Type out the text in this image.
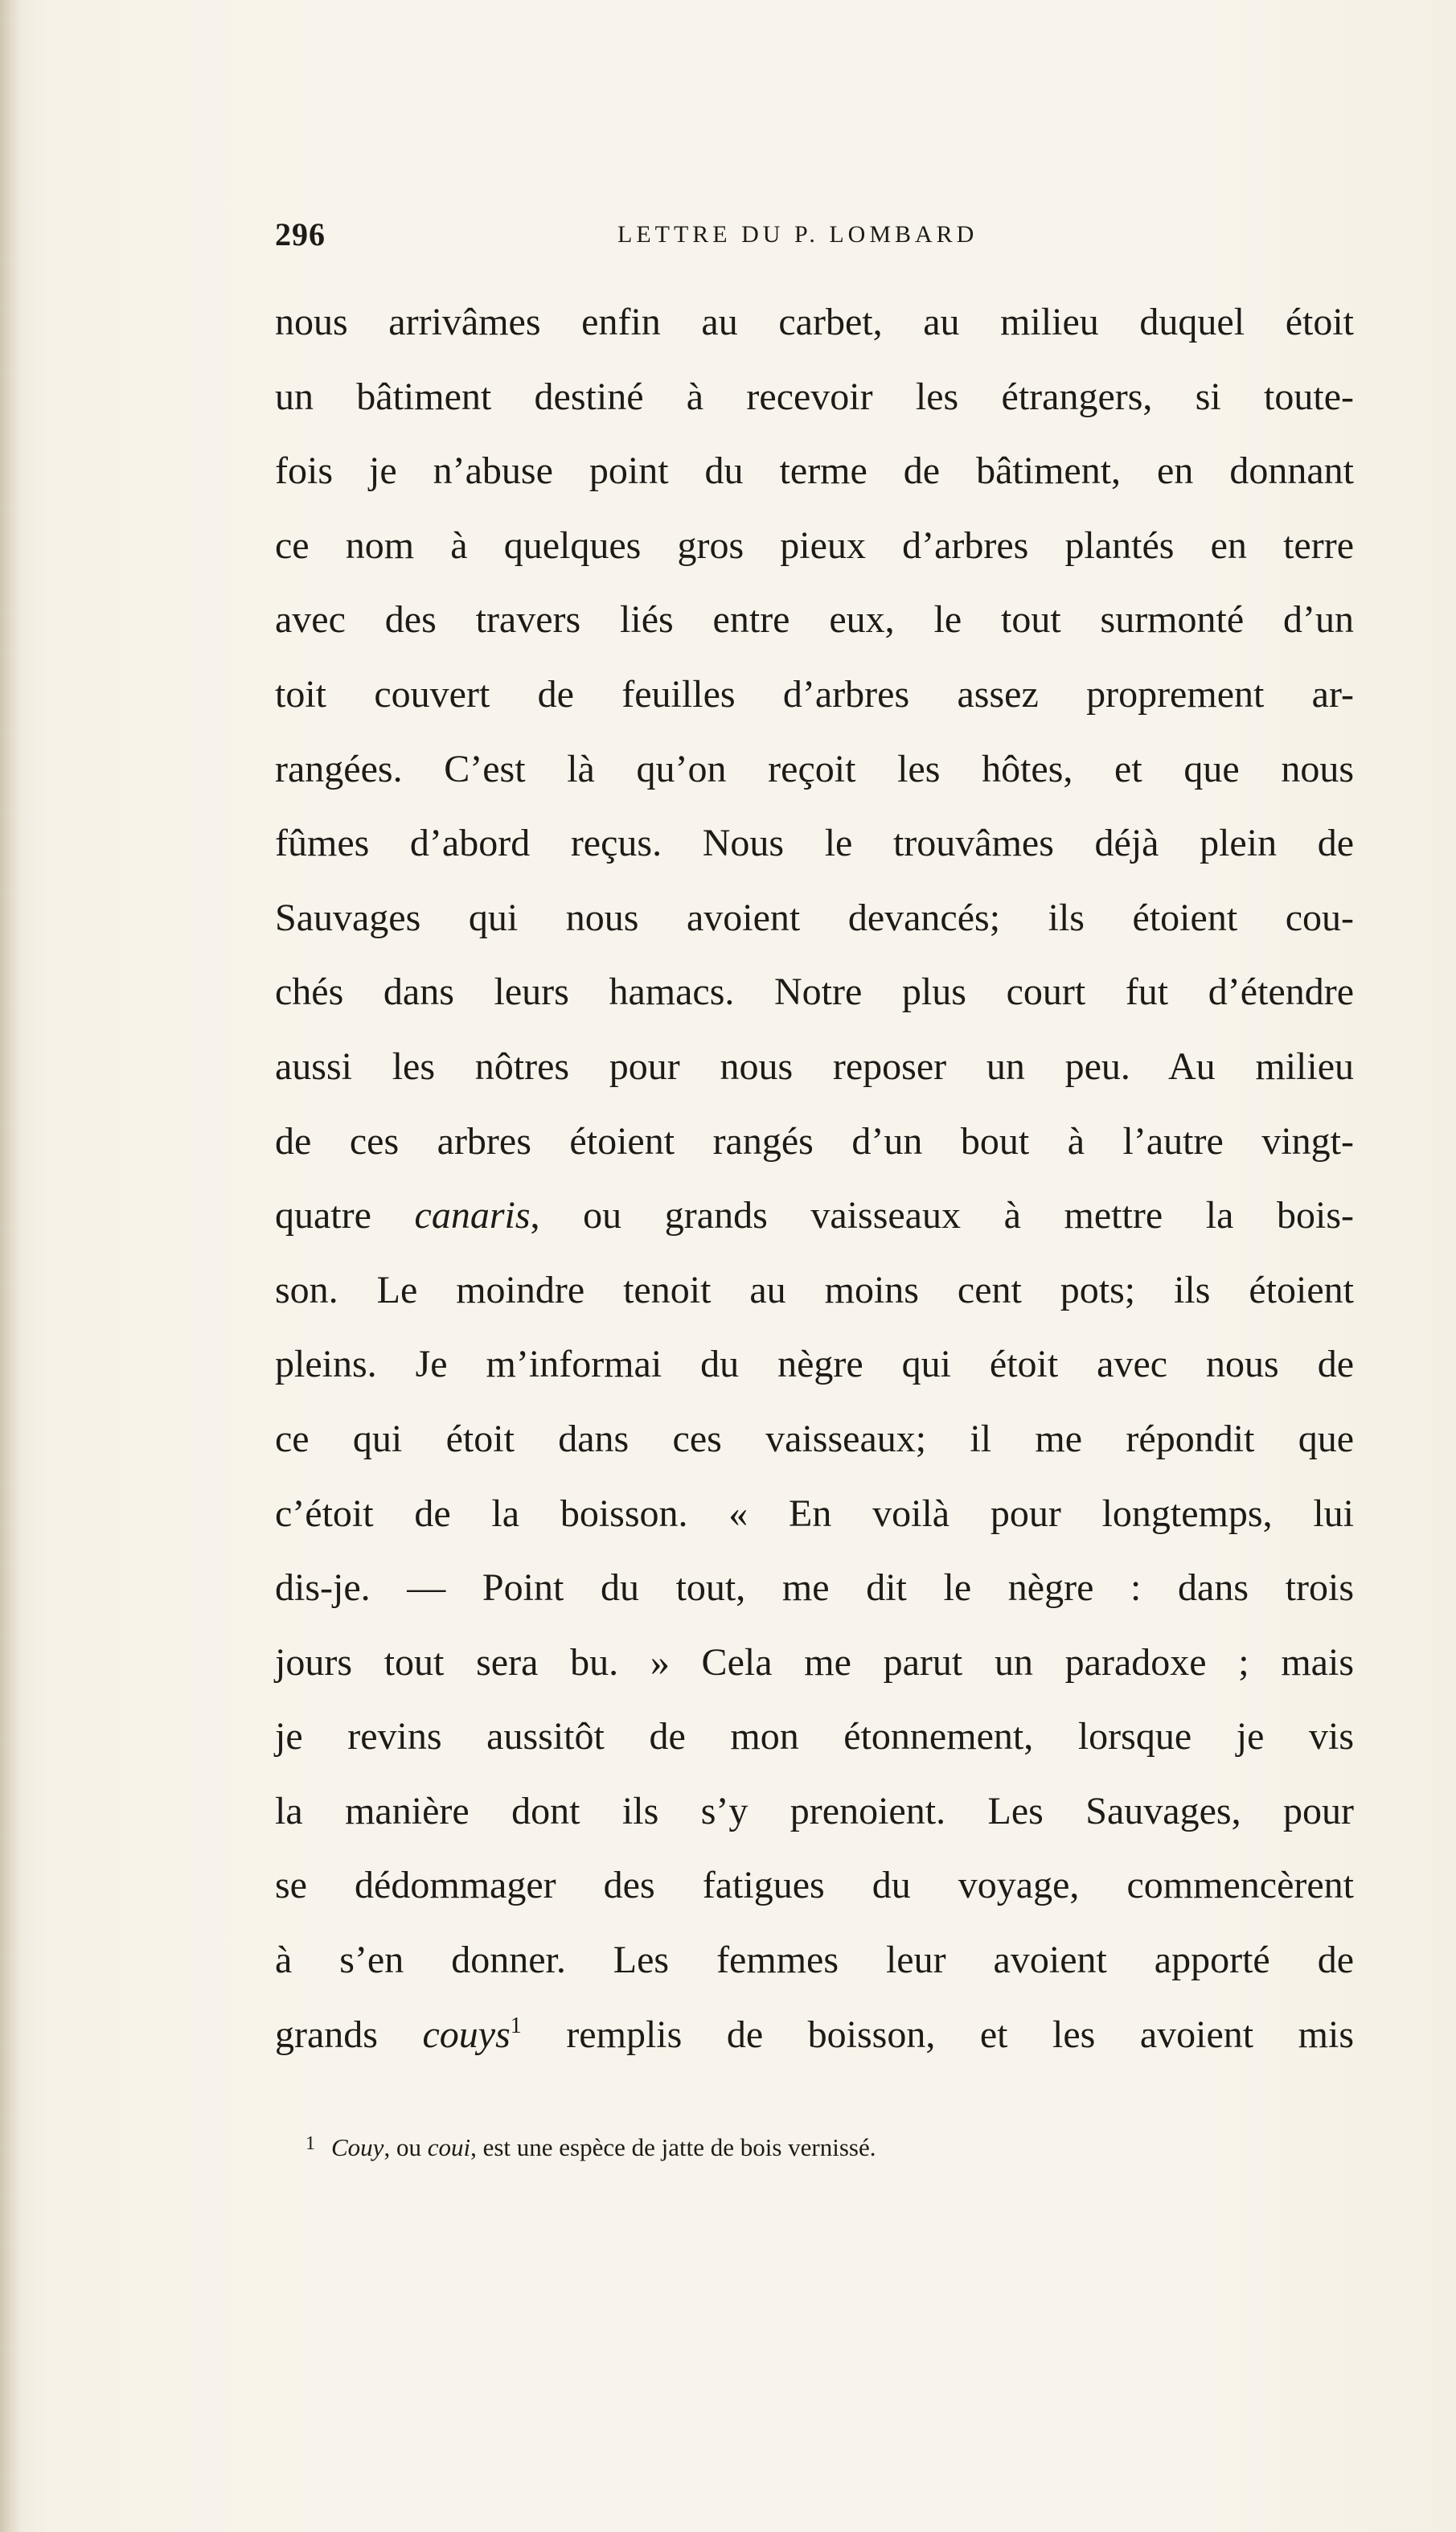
296	LETTRE DU P. LOMBARD
nous arrivâmes enfin au carbet, au milieu duquel étoit
un bâtiment destiné à recevoir les étrangers, si toute-
fois je n’abuse point du terme de bâtiment, en donnant
ce nom à quelques gros pieux d’arbres plantés en terre
avec des travers liés entre eux, le tout surmonté d’un
toit couvert de feuilles d’arbres assez proprement ar-
rangées. C’est là qu’on reçoit les hôtes, et que nous
fûmes d’abord reçus. Nous le trouvâmes déjà plein de
Sauvages qui nous avoient devancés; ils étoient cou-
chés dans leurs hamacs. Notre plus court fut d’étendre
aussi les nôtres pour nous reposer un peu. Au milieu
de ces arbres étoient rangés d’un bout à l’autre vingt-
quatre canaris, ou grands vaisseaux à mettre la bois-
son. Le moindre tenoit au moins cent pots; ils étoient
pleins. Je m’informai du nègre qui étoit avec nous de
ce qui étoit dans ces vaisseaux; il me répondit que
c’étoit de la boisson. « En voilà pour longtemps, lui
dis-je. — Point du tout, me dit le nègre : dans trois
jours tout sera bu. » Cela me parut un paradoxe ; mais
je revins aussitôt de mon étonnement, lorsque je vis
la manière dont ils s’y prenoient. Les Sauvages, pour
se dédommager des fatigues du voyage, commencèrent
à s’en donner. Les femmes leur avoient apporté de
grands couys$^1$ remplis de boisson, et les avoient mis
$^1$ Couy, ou coui, est une espèce de jatte de bois vernissé.
